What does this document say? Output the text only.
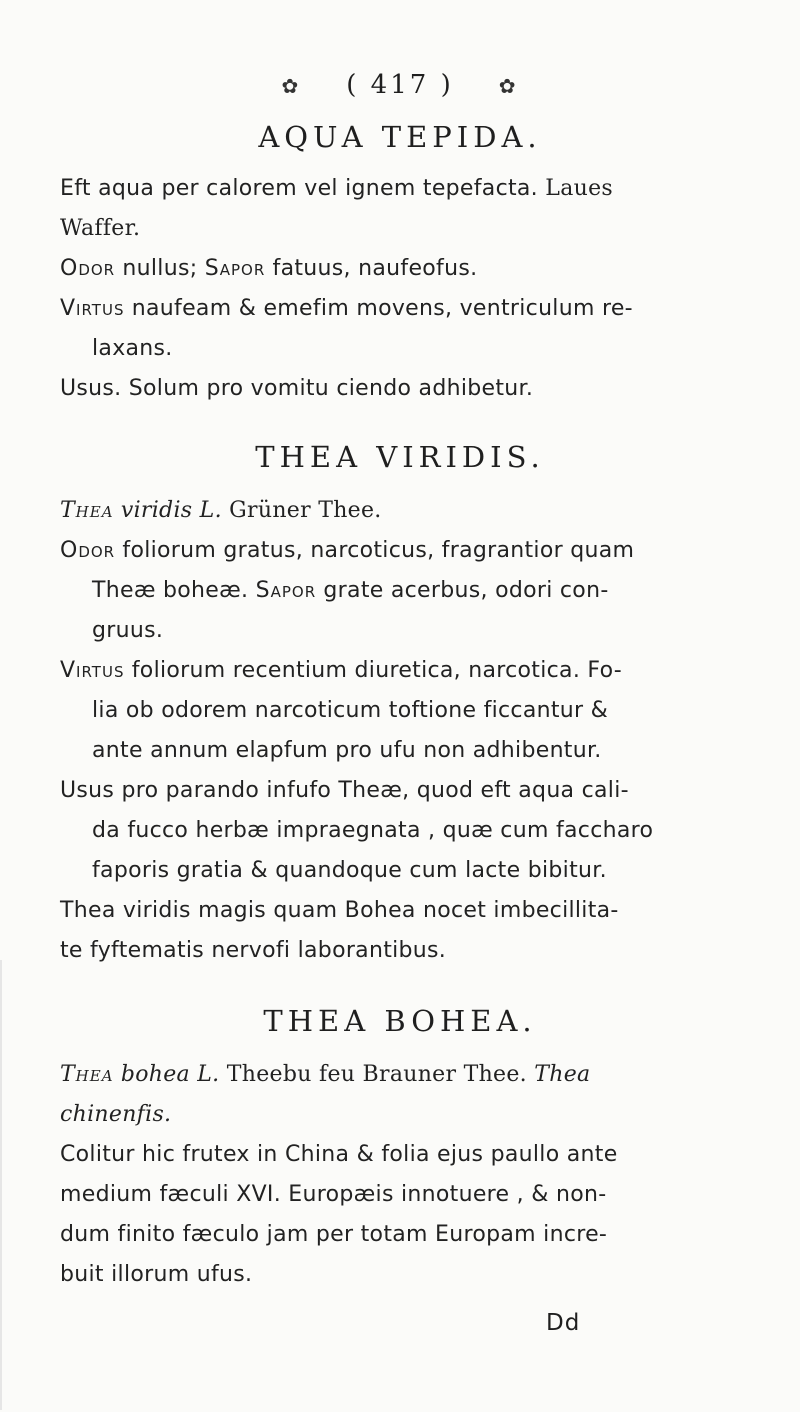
✿ ( 417 ) ✿
AQUA TEPIDA.
Eft aqua per calorem vel ignem tepefacta. Laues
Waffer.
Odor nullus; Sapor fatuus, naufeofus.
Virtus naufeam & emefim movens, ventriculum re-
laxans.
Usus. Solum pro vomitu ciendo adhibetur.
THEA VIRIDIS.
Thea viridis L. Grüner Thee.
Odor foliorum gratus, narcoticus, fragrantior quam
Theæ boheæ. Sapor grate acerbus, odori con-
gruus.
Virtus foliorum recentium diuretica, narcotica. Fo-
lia ob odorem narcoticum toftione ficcantur &
ante annum elapfum pro ufu non adhibentur.
Usus pro parando infufo Theæ, quod eft aqua cali-
da fucco herbæ impraegnata , quæ cum faccharo
faporis gratia & quandoque cum lacte bibitur.
Thea viridis magis quam Bohea nocet imbecillita-
te fyftematis nervofi laborantibus.
THEA BOHEA.
Thea bohea L. Theebu feu Brauner Thee. Thea
chinenfis.
Colitur hic frutex in China & folia ejus paullo ante
medium fæculi XVI. Europæis innotuere , & non-
dum finito fæculo jam per totam Europam incre-
buit illorum ufus.
Dd
